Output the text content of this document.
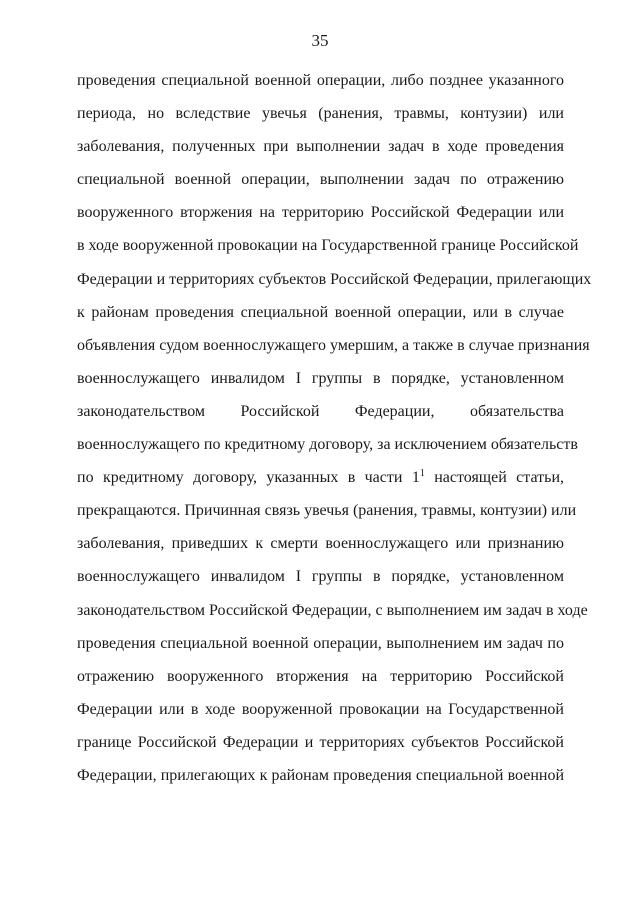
35
проведения специальной военной операции, либо позднее указанного
периода, но вследствие увечья (ранения, травмы, контузии) или
заболевания, полученных при выполнении задач в ходе проведения
специальной военной операции, выполнении задач по отражению
вооруженного вторжения на территорию Российской Федерации или
в ходе вооруженной провокации на Государственной границе Российской
Федерации и территориях субъектов Российской Федерации, прилегающих
к районам проведения специальной военной операции, или в случае
объявления судом военнослужащего умершим, а также в случае признания
военнослужащего инвалидом I группы в порядке, установленном
законодательством Российской Федерации, обязательства
военнослужащего по кредитному договору, за исключением обязательств
по кредитному договору, указанных в части $1^1$ настоящей статьи,
прекращаются. Причинная связь увечья (ранения, травмы, контузии) или
заболевания, приведших к смерти военнослужащего или признанию
военнослужащего инвалидом I группы в порядке, установленном
законодательством Российской Федерации, с выполнением им задач в ходе
проведения специальной военной операции, выполнением им задач по
отражению вооруженного вторжения на территорию Российской
Федерации или в ходе вооруженной провокации на Государственной
границе Российской Федерации и территориях субъектов Российской
Федерации, прилегающих к районам проведения специальной военной
